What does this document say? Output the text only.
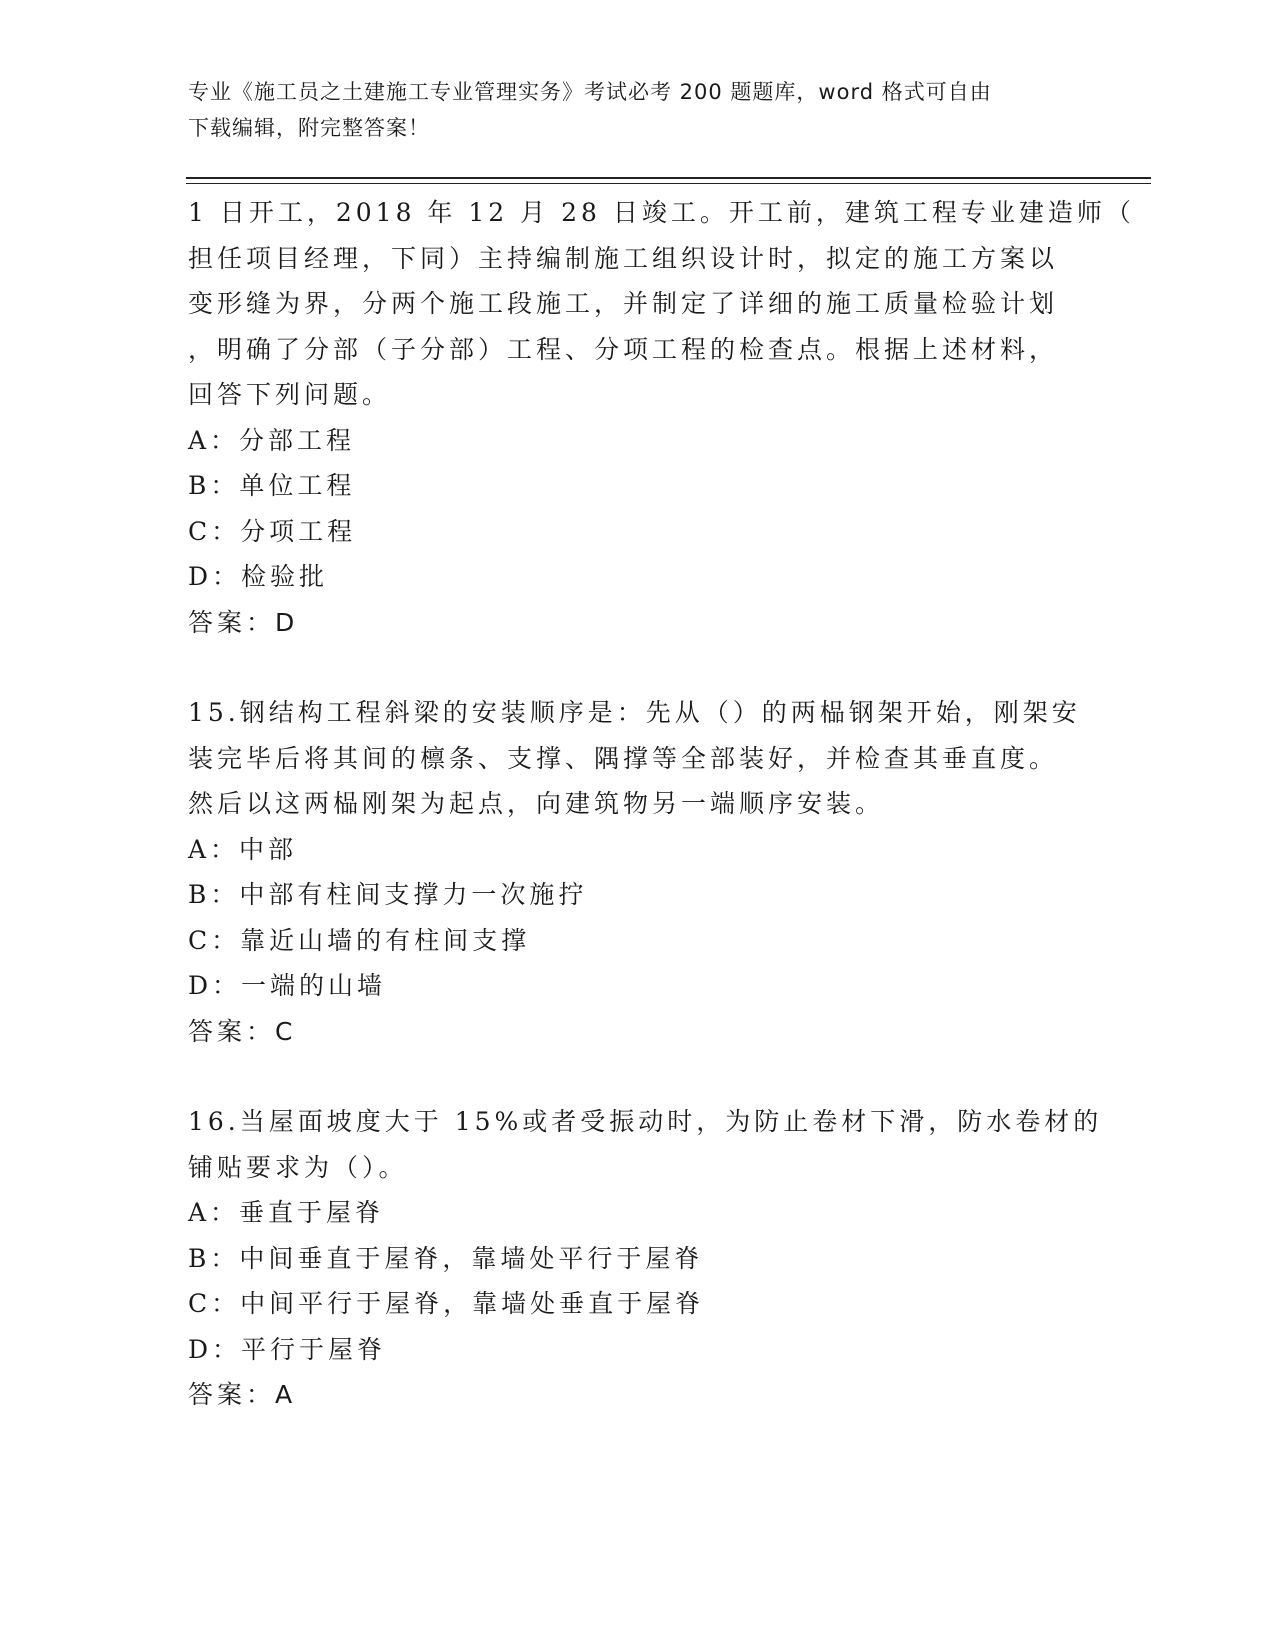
专业《施工员之土建施工专业管理实务》考试必考 200 题题库，word 格式可自由
下载编辑，附完整答案！
1 日开工，2018 年 12 月 28 日竣工。开工前，建筑工程专业建造师（
担任项目经理，下同）主持编制施工组织设计时，拟定的施工方案以
变形缝为界，分两个施工段施工，并制定了详细的施工质量检验计划
，明确了分部（子分部）工程、分项工程的检查点。根据上述材料，
回答下列问题。
A：分部工程
B：单位工程
C：分项工程
D：检验批
答案：D
15.钢结构工程斜梁的安装顺序是：先从（）的两榀钢架开始，刚架安
装完毕后将其间的檩条、支撑、隅撑等全部装好，并检查其垂直度。
然后以这两榀刚架为起点，向建筑物另一端顺序安装。
A：中部
B：中部有柱间支撑力一次施拧
C：靠近山墙的有柱间支撑
D：一端的山墙
答案：C
16.当屋面坡度大于 15%或者受振动时，为防止卷材下滑，防水卷材的
铺贴要求为（）。
A：垂直于屋脊
B：中间垂直于屋脊，靠墙处平行于屋脊
C：中间平行于屋脊，靠墙处垂直于屋脊
D：平行于屋脊
答案：A
